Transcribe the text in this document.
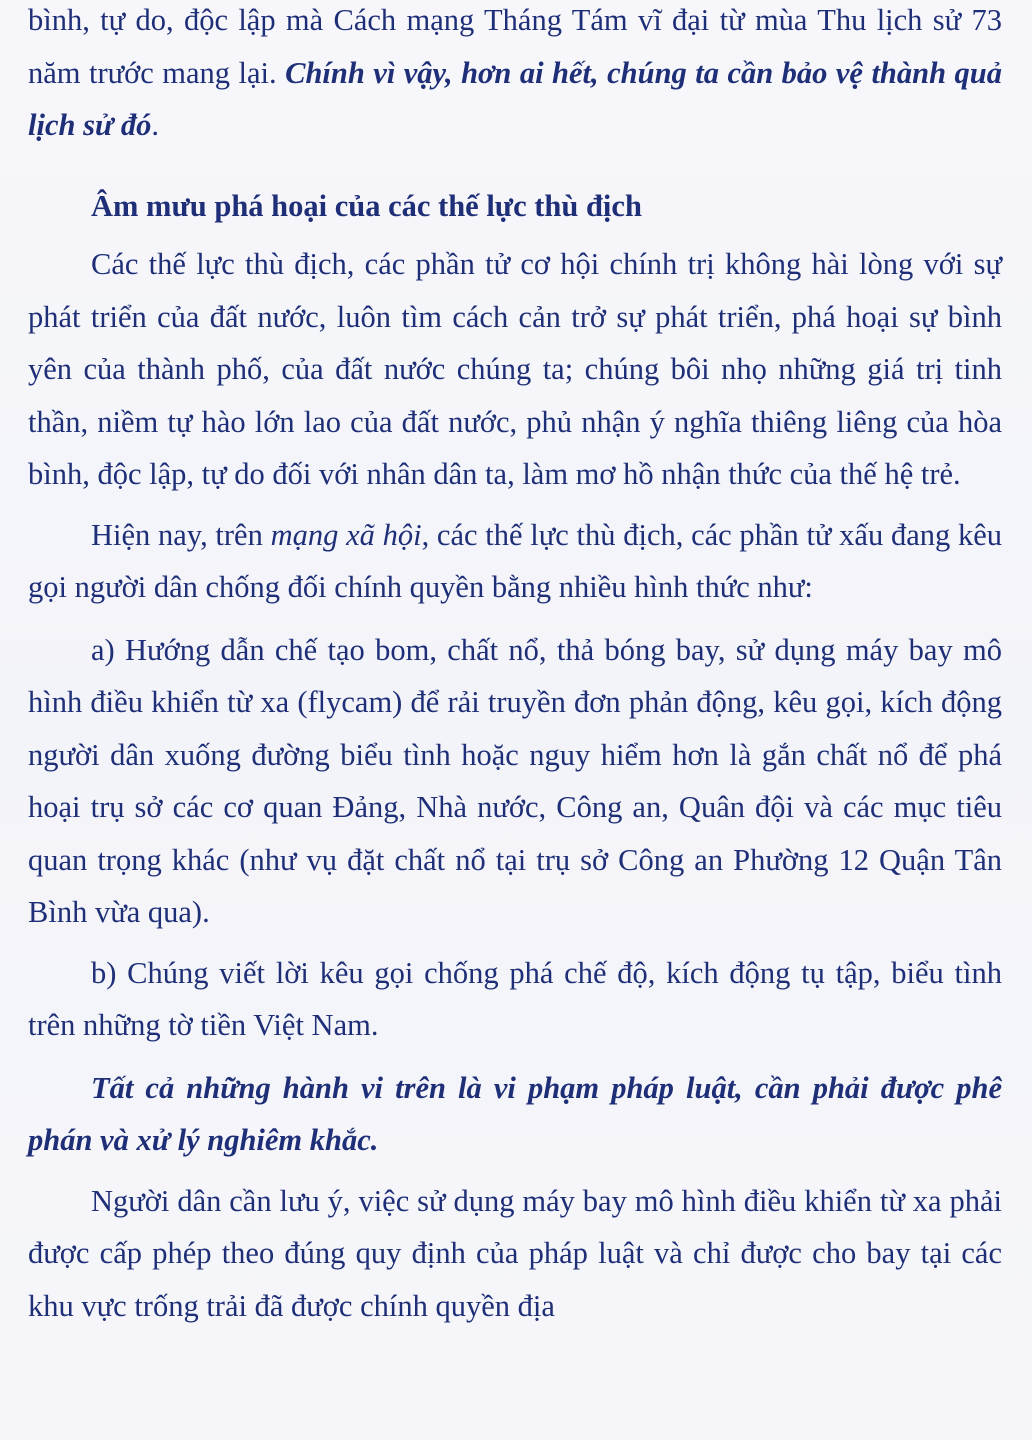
bình, tự do, độc lập mà Cách mạng Tháng Tám vĩ đại từ mùa Thu lịch sử 73 năm trước mang lại. Chính vì vậy, hơn ai hết, chúng ta cần bảo vệ thành quả lịch sử đó.

Âm mưu phá hoại của các thế lực thù địch

Các thế lực thù địch, các phần tử cơ hội chính trị không hài lòng với sự phát triển của đất nước, luôn tìm cách cản trở sự phát triển, phá hoại sự bình yên của thành phố, của đất nước chúng ta; chúng bôi nhọ những giá trị tinh thần, niềm tự hào lớn lao của đất nước, phủ nhận ý nghĩa thiêng liêng của hòa bình, độc lập, tự do đối với nhân dân ta, làm mơ hồ nhận thức của thế hệ trẻ.

Hiện nay, trên mạng xã hội, các thế lực thù địch, các phần tử xấu đang kêu gọi người dân chống đối chính quyền bằng nhiều hình thức như:

a) Hướng dẫn chế tạo bom, chất nổ, thả bóng bay, sử dụng máy bay mô hình điều khiển từ xa (flycam) để rải truyền đơn phản động, kêu gọi, kích động người dân xuống đường biểu tình hoặc nguy hiểm hơn là gắn chất nổ để phá hoại trụ sở các cơ quan Đảng, Nhà nước, Công an, Quân đội và các mục tiêu quan trọng khác (như vụ đặt chất nổ tại trụ sở Công an Phường 12 Quận Tân Bình vừa qua).

b) Chúng viết lời kêu gọi chống phá chế độ, kích động tụ tập, biểu tình trên những tờ tiền Việt Nam.

Tất cả những hành vi trên là vi phạm pháp luật, cần phải được phê phán và xử lý nghiêm khắc.

Người dân cần lưu ý, việc sử dụng máy bay mô hình điều khiển từ xa phải được cấp phép theo đúng quy định của pháp luật và chỉ được cho bay tại các khu vực trống trải đã được chính quyền địa
